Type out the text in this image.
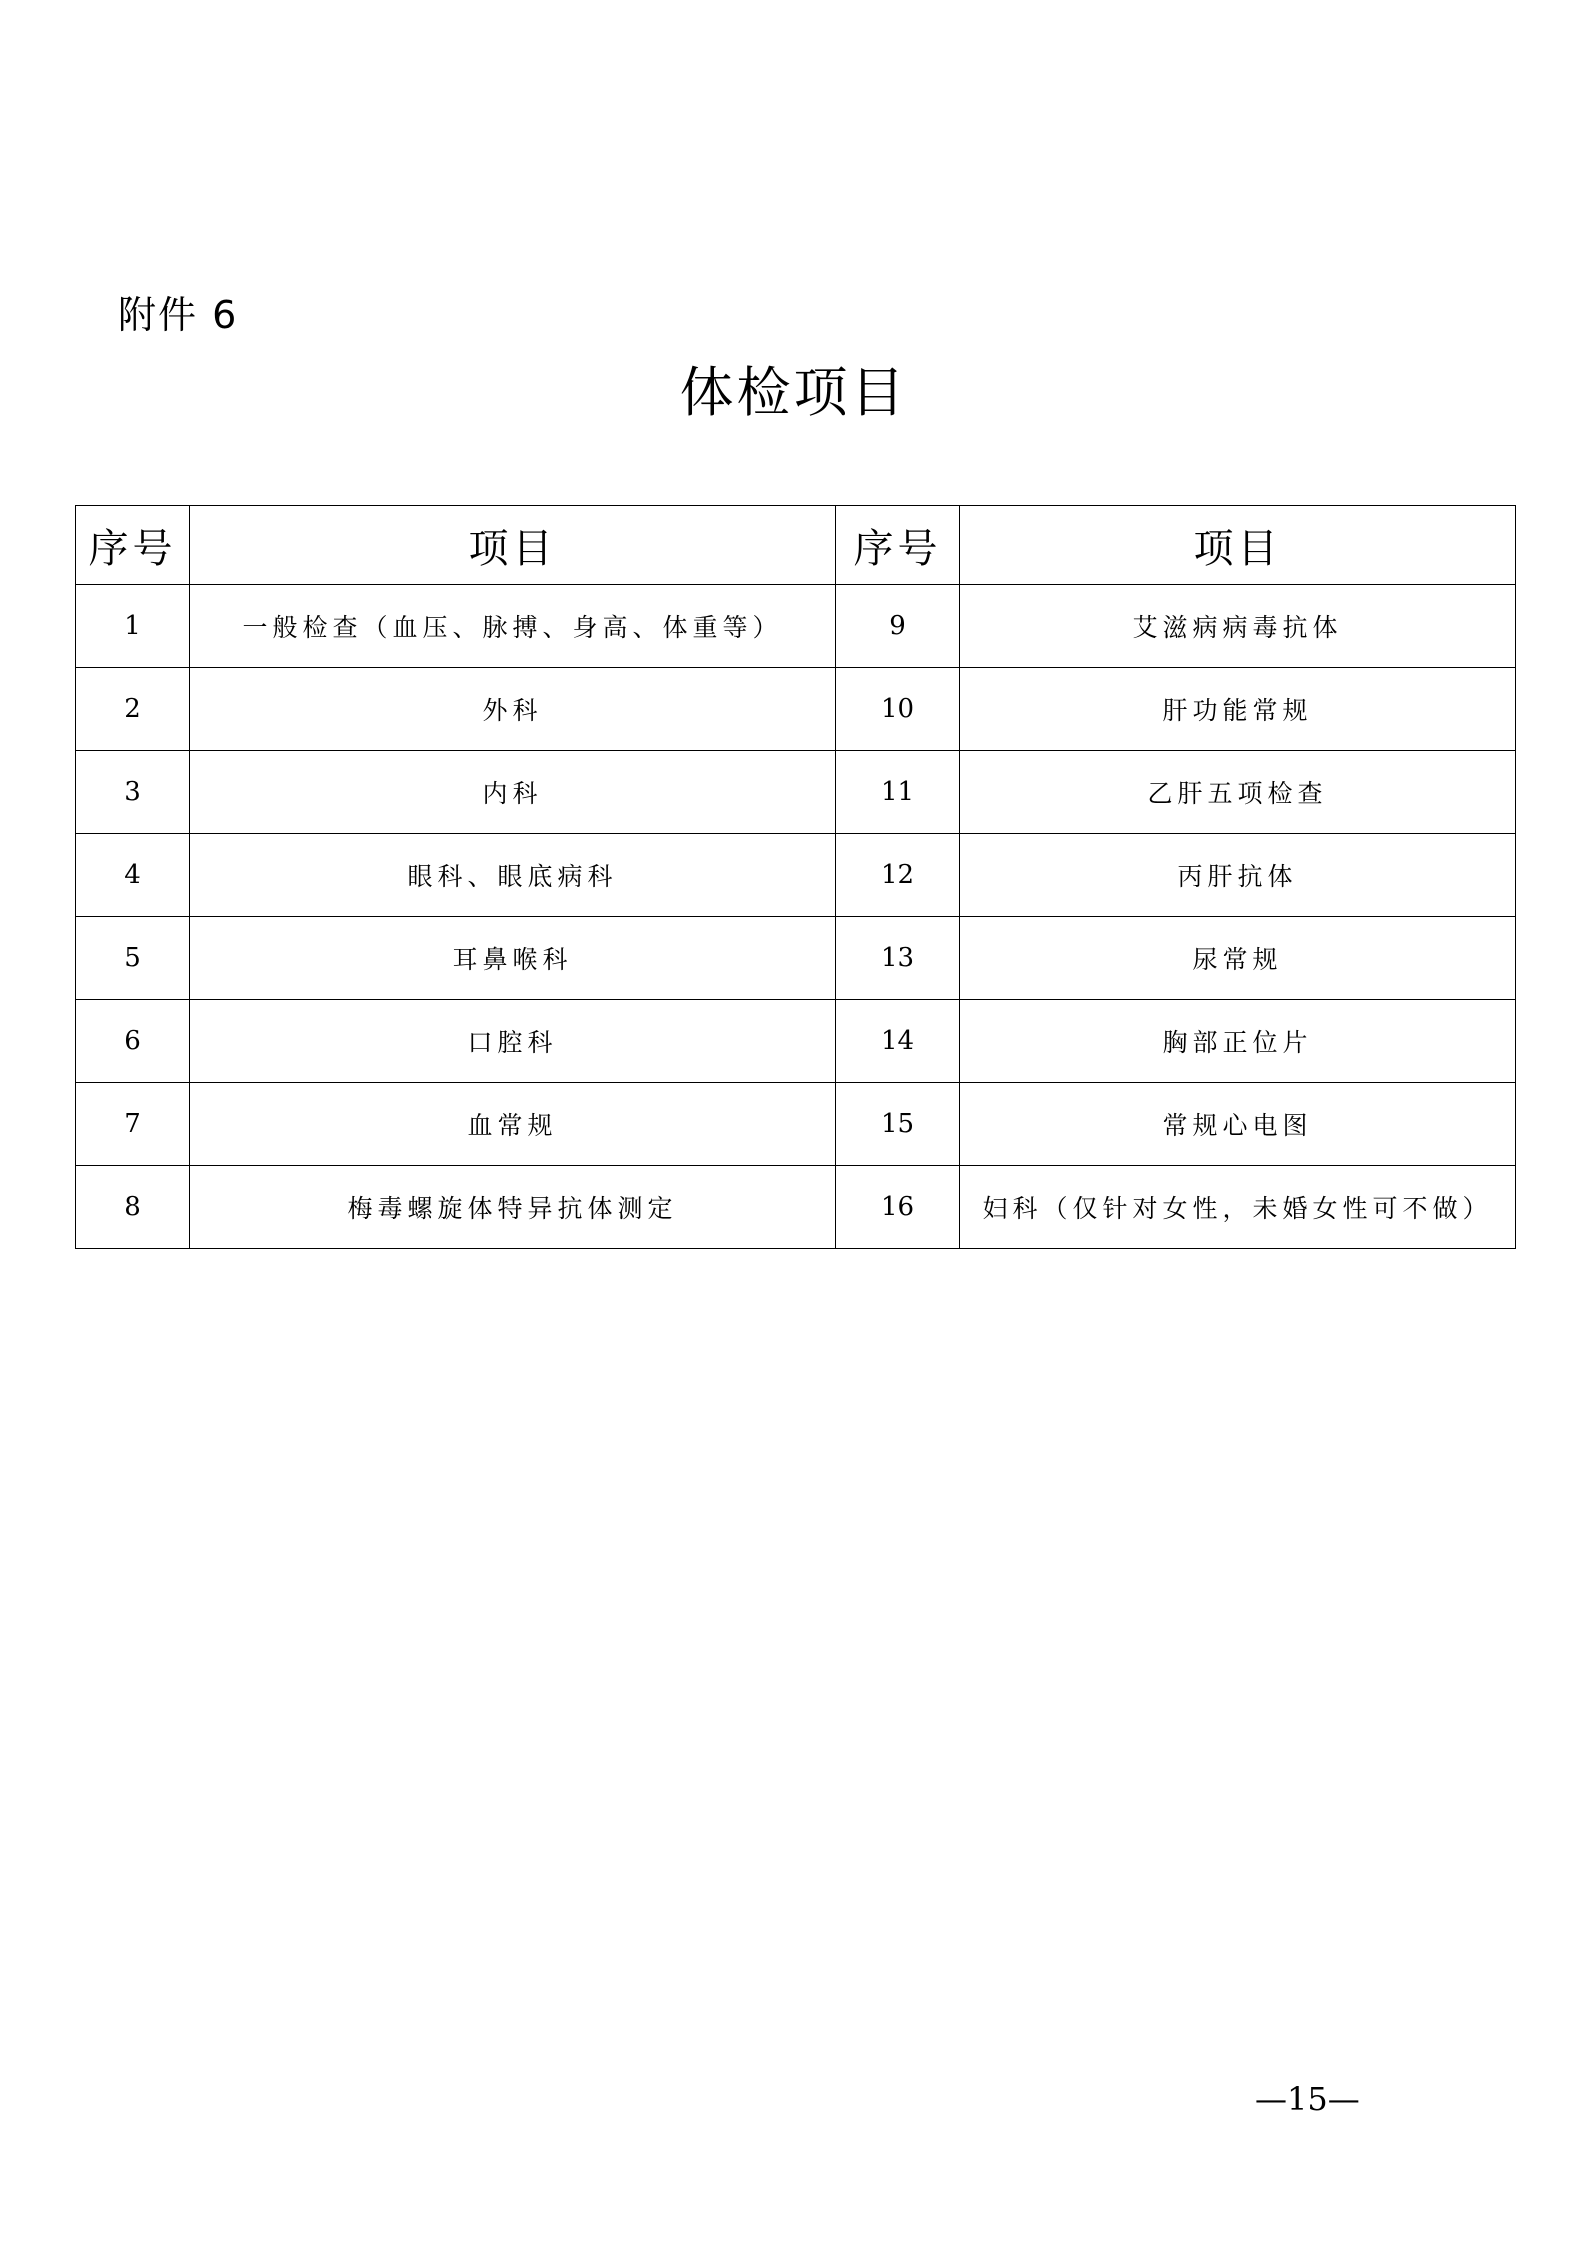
附件 6
体检项目
序号	项目	序号	项目
1	一般检查（血压、脉搏、身高、体重等）	9	艾滋病病毒抗体
2	外科	10	肝功能常规
3	内科	11	乙肝五项检查
4	眼科、眼底病科	12	丙肝抗体
5	耳鼻喉科	13	尿常规
6	口腔科	14	胸部正位片
7	血常规	15	常规心电图
8	梅毒螺旋体特异抗体测定	16	妇科（仅针对女性，未婚女性可不做）
—15—
